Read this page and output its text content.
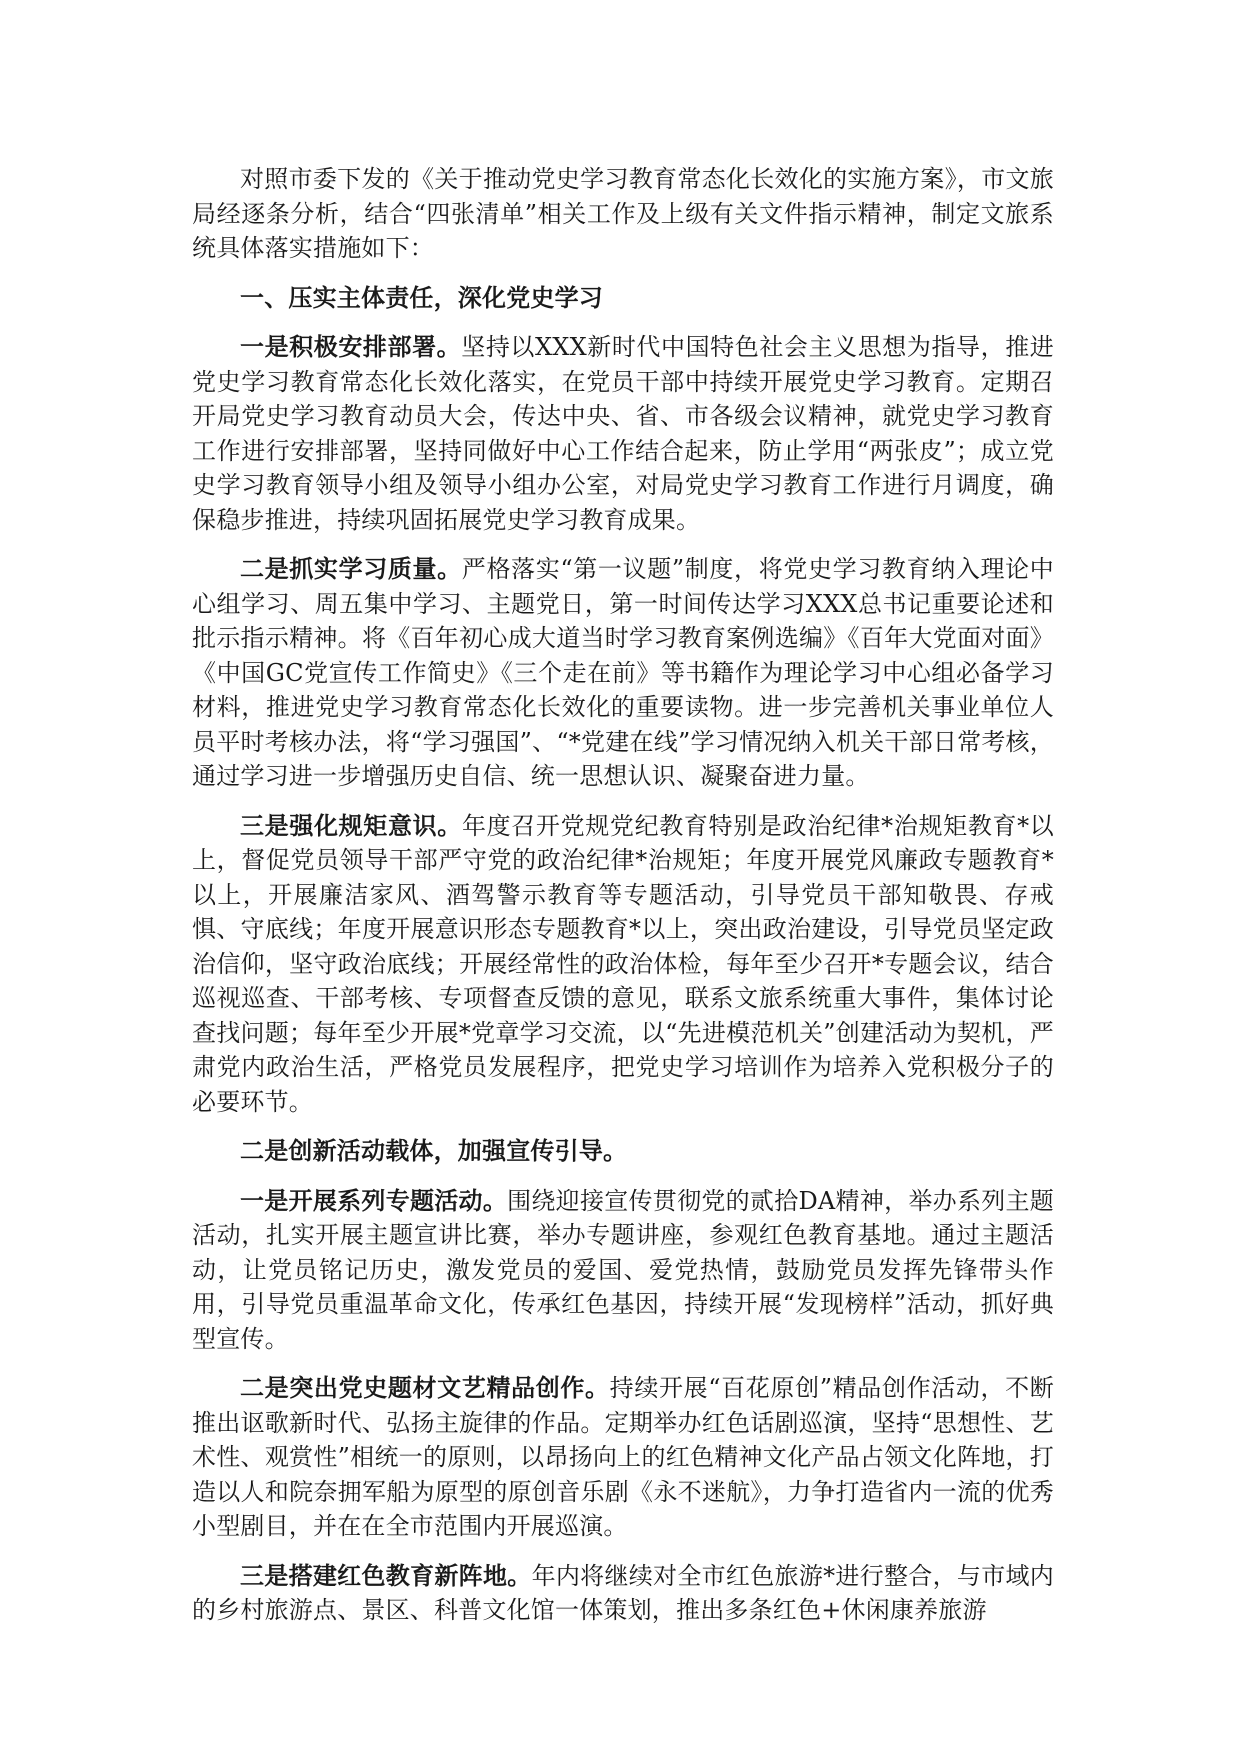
对照市委下发的《关于推动党史学习教育常态化长效化的实施方案》，市文旅局经逐条分析，结合“四张清单”相关工作及上级有关文件指示精神，制定文旅系统具体落实措施如下：

一、压实主体责任，深化党史学习

一是积极安排部署。坚持以XXX新时代中国特色社会主义思想为指导，推进党史学习教育常态化长效化落实，在党员干部中持续开展党史学习教育。定期召开局党史学习教育动员大会，传达中央、省、市各级会议精神，就党史学习教育工作进行安排部署，坚持同做好中心工作结合起来，防止学用“两张皮”；成立党史学习教育领导小组及领导小组办公室，对局党史学习教育工作进行月调度，确保稳步推进，持续巩固拓展党史学习教育成果。

二是抓实学习质量。严格落实“第一议题”制度，将党史学习教育纳入理论中心组学习、周五集中学习、主题党日，第一时间传达学习XXX总书记重要论述和批示指示精神。将《百年初心成大道当时学习教育案例选编》《百年大党面对面》《中国GC党宣传工作简史》《三个走在前》等书籍作为理论学习中心组必备学习材料，推进党史学习教育常态化长效化的重要读物。进一步完善机关事业单位人员平时考核办法，将“学习强国”、“*党建在线”学习情况纳入机关干部日常考核，通过学习进一步增强历史自信、统一思想认识、凝聚奋进力量。

三是强化规矩意识。年度召开党规党纪教育特别是政治纪律*治规矩教育*以上，督促党员领导干部严守党的政治纪律*治规矩；年度开展党风廉政专题教育*以上，开展廉洁家风、酒驾警示教育等专题活动，引导党员干部知敬畏、存戒惧、守底线；年度开展意识形态专题教育*以上，突出政治建设，引导党员坚定政治信仰，坚守政治底线；开展经常性的政治体检，每年至少召开*专题会议，结合巡视巡查、干部考核、专项督查反馈的意见，联系文旅系统重大事件，集体讨论查找问题；每年至少开展*党章学习交流，以“先进模范机关”创建活动为契机，严肃党内政治生活，严格党员发展程序，把党史学习培训作为培养入党积极分子的必要环节。

二是创新活动载体，加强宣传引导。

一是开展系列专题活动。围绕迎接宣传贯彻党的贰拾DA精神，举办系列主题活动，扎实开展主题宣讲比赛，举办专题讲座，参观红色教育基地。通过主题活动，让党员铭记历史，激发党员的爱国、爱党热情，鼓励党员发挥先锋带头作用，引导党员重温革命文化，传承红色基因，持续开展“发现榜样”活动，抓好典型宣传。

二是突出党史题材文艺精品创作。持续开展“百花原创”精品创作活动，不断推出讴歌新时代、弘扬主旋律的作品。定期举办红色话剧巡演，坚持“思想性、艺术性、观赏性”相统一的原则，以昂扬向上的红色精神文化产品占领文化阵地，打造以人和院奈拥军船为原型的原创音乐剧《永不迷航》，力争打造省内一流的优秀小型剧目，并在在全市范围内开展巡演。

三是搭建红色教育新阵地。年内将继续对全市红色旅游*进行整合，与市域内的乡村旅游点、景区、科普文化馆一体策划，推出多条红色+休闲康养旅游
